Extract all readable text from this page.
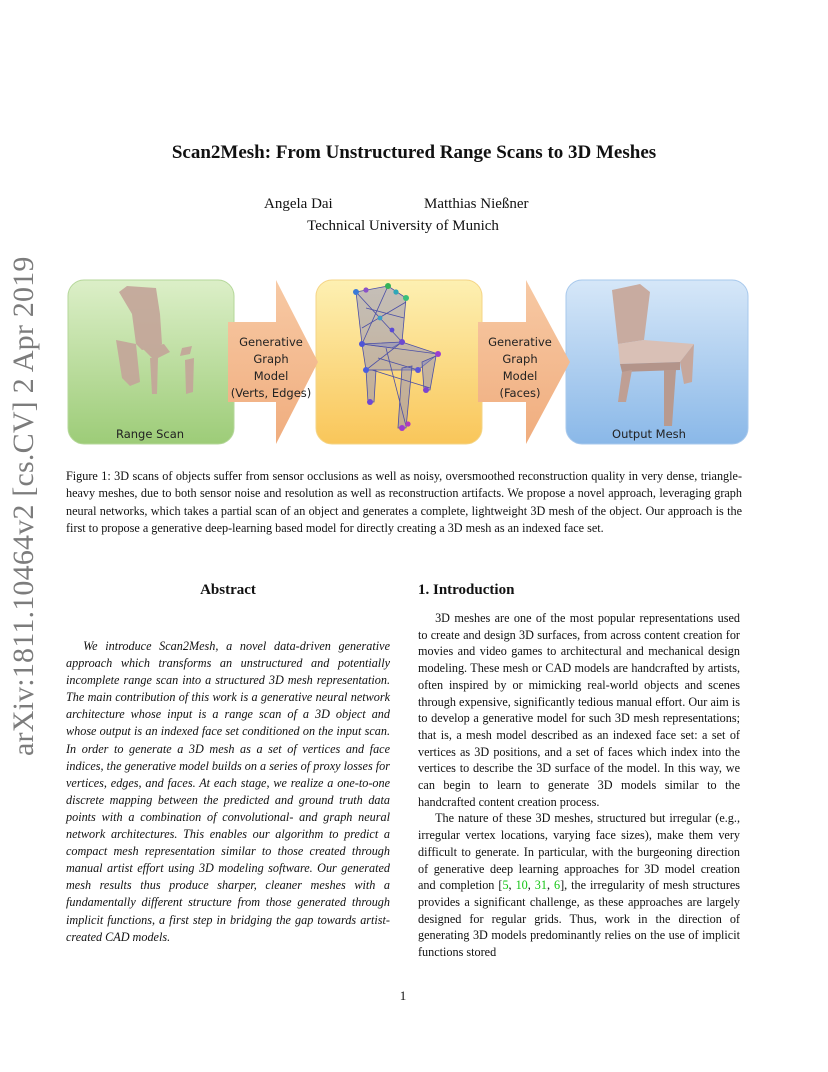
Scan2Mesh: From Unstructured Range Scans to 3D Meshes
Angela Dai	Matthias Nießner
Technical University of Munich
arXiv:1811.10464v2 [cs.CV] 2 Apr 2019	Range Scan	Output Mesh
Generative
Graph
Model
(Verts, Edges)
Generative
Graph
Model
(Faces)
Figure 1: 3D scans of objects suffer from sensor occlusions as well as noisy, oversmoothed reconstruction quality in very dense, triangle-heavy meshes, due to both sensor noise and resolution as well as reconstruction artifacts. We propose a novel approach, leveraging graph neural networks, which takes a partial scan of an object and generates a complete, lightweight 3D mesh of the object. Our approach is the first to propose a generative deep-learning based model for directly creating a 3D mesh as an indexed face set.
Abstract
We introduce Scan2Mesh, a novel data-driven generative approach which transforms an unstructured and potentially incomplete range scan into a structured 3D mesh representation. The main contribution of this work is a generative neural network architecture whose input is a range scan of a 3D object and whose output is an indexed face set conditioned on the input scan. In order to generate a 3D mesh as a set of vertices and face indices, the generative model builds on a series of proxy losses for vertices, edges, and faces. At each stage, we realize a one-to-one discrete mapping between the predicted and ground truth data points with a combination of convolutional- and graph neural network architectures. This enables our algorithm to predict a compact mesh representation similar to those created through manual artist effort using 3D modeling software. Our generated mesh results thus produce sharper, cleaner meshes with a fundamentally different structure from those generated through implicit functions, a first step in bridging the gap towards artist-created CAD models.
1. Introduction

3D meshes are one of the most popular representations used to create and design 3D surfaces, from across content creation for movies and video games to architectural and mechanical design modeling. These mesh or CAD models are handcrafted by artists, often inspired by or mimicking real-world objects and scenes through expensive, significantly tedious manual effort. Our aim is to develop a generative model for such 3D mesh representations; that is, a mesh model described as an indexed face set: a set of vertices as 3D positions, and a set of faces which index into the vertices to describe the 3D surface of the model. In this way, we can begin to learn to generate 3D models similar to the handcrafted content creation process.

The nature of these 3D meshes, structured but irregular (e.g., irregular vertex locations, varying face sizes), make them very difficult to generate. In particular, with the burgeoning direction of generative deep learning approaches for 3D model creation and completion [5, 10, 31, 6], the irregularity of mesh structures provides a significant challenge, as these approaches are largely designed for regular grids. Thus, work in the direction of generating 3D models predominantly relies on the use of implicit functions stored

1
